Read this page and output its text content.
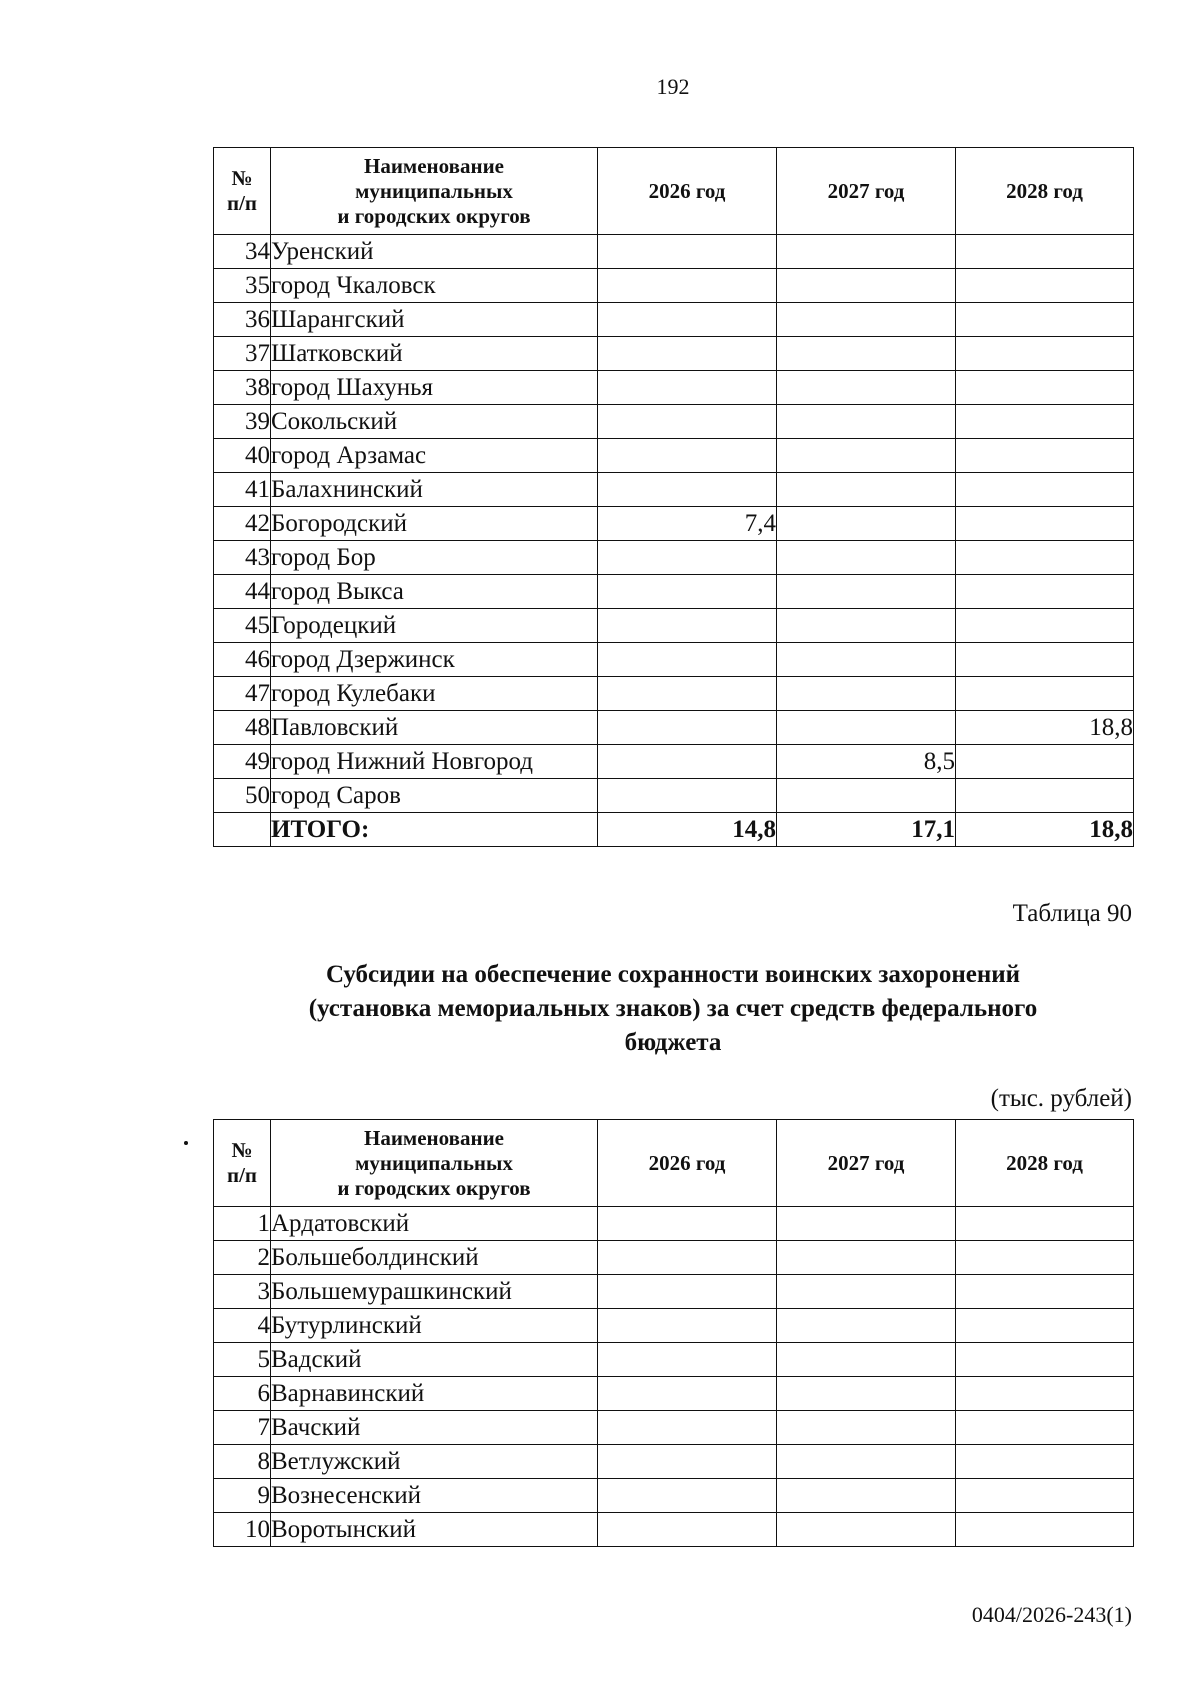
192
№
п/п	Наименование
муниципальных
и городских округов	2026 год	2027 год	2028 год
34	Уренский			
35	город Чкаловск			
36	Шарангский			
37	Шатковский			
38	город Шахунья			
39	Сокольский			
40	город Арзамас			
41	Балахнинский			
42	Богородский	7,4		
43	город Бор			
44	город Выкса			
45	Городецкий			
46	город Дзержинск			
47	город Кулебаки			
48	Павловский			18,8
49	город Нижний Новгород		8,5	
50	город Саров			
	ИТОГО:	14,8	17,1	18,8
Таблица 90
Субсидии на обеспечение сохранности воинских захоронений
(установка мемориальных знаков) за счет средств федерального
бюджета
(тыс. рублей)
№
п/п	Наименование
муниципальных
и городских округов	2026 год	2027 год	2028 год
1	Ардатовский			
2	Большеболдинский			
3	Большемурашкинский			
4	Бутурлинский			
5	Вадский			
6	Варнавинский			
7	Вачский			
8	Ветлужский			
9	Вознесенский			
10	Воротынский			
0404/2026-243(1)
